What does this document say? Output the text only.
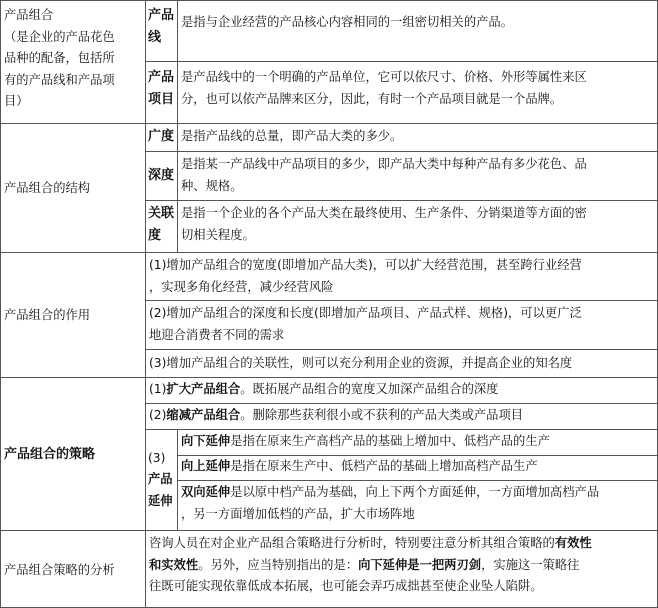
产品组合
（是企业的产品花色
品种的配备，包括所
有的产品线和产品项
目）
产品
线
是指与企业经营的产品核心内容相同的一组密切相关的产品。
产品
项目
是产品线中的一个明确的产品单位，它可以依尺寸、价格、外形等属性来区
分，也可以依产品牌来区分，因此，有时一个产品项目就是一个品牌。
产品组合的结构
广度 是指产品线的总量，即产品大类的多少。
深度
是指某一产品线中产品项目的多少，即产品大类中每种产品有多少花色、品
种、规格。
关联
度
是指一个企业的各个产品大类在最终使用、生产条件、分销渠道等方面的密
切相关程度。
产品组合的作用
(1)增加产品组合的宽度(即增加产品大类)，可以扩大经营范围，甚至跨行业经营
，实现多角化经营，减少经营风险
(2)增加产品组合的深度和长度(即增加产品项目、产品式样、规格)，可以更广泛
地迎合消费者不同的需求
(3)增加产品组合的关联性，则可以充分利用企业的资源，并提高企业的知名度
产品组合的策略
(1)扩大产品组合。既拓展产品组合的宽度又加深产品组合的深度
(2)缩减产品组合。删除那些获利很小或不获利的产品大类或产品项目
(3)
产品
延伸
向下延伸是指在原来生产高档产品的基础上增加中、低档产品的生产
向上延伸是指在原来生产中、低档产品的基础上增加高档产品生产
双向延伸是以原中档产品为基础，向上下两个方面延伸，一方面增加高档产品
，另一方面增加低档的产品，扩大市场阵地
产品组合策略的分析
咨询人员在对企业产品组合策略进行分析时，特别要注意分析其组合策略的有效性
和实效性。另外，应当特别指出的是：向下延伸是一把两刃剑，实施这一策略往
往既可能实现依靠低成本拓展，也可能会弄巧成拙甚至使企业坠人陷阱。
